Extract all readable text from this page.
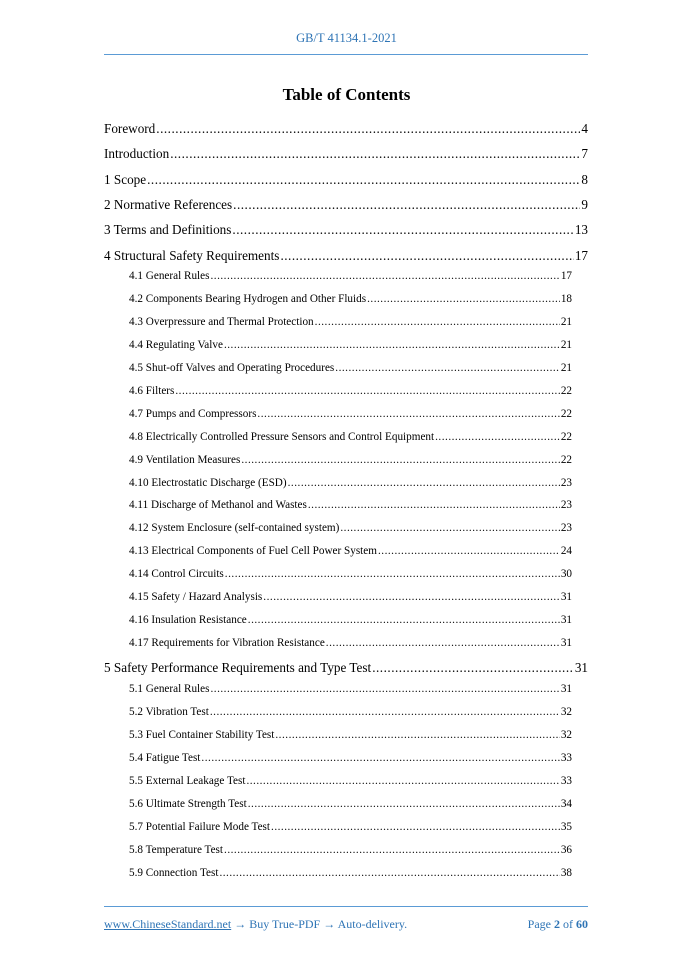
GB/T 41134.1-2021
Table of Contents
Foreword .....	4
Introduction .....	7
1 Scope .....	8
2 Normative References .....	9
3 Terms and Definitions .....	13
4 Structural Safety Requirements .....	17
4.1 General Rules .....	17
4.2 Components Bearing Hydrogen and Other Fluids .....	18
4.3 Overpressure and Thermal Protection .....	21
4.4 Regulating Valve .....	21
4.5 Shut-off Valves and Operating Procedures .....	21
4.6 Filters .....	22
4.7 Pumps and Compressors .....	22
4.8 Electrically Controlled Pressure Sensors and Control Equipment .....	22
4.9 Ventilation Measures .....	22
4.10 Electrostatic Discharge (ESD) .....	23
4.11 Discharge of Methanol and Wastes .....	23
4.12 System Enclosure (self-contained system) .....	23
4.13 Electrical Components of Fuel Cell Power System .....	24
4.14 Control Circuits .....	30
4.15 Safety / Hazard Analysis .....	31
4.16 Insulation Resistance .....	31
4.17 Requirements for Vibration Resistance .....	31
5 Safety Performance Requirements and Type Test .....	31
5.1 General Rules .....	31
5.2 Vibration Test .....	32
5.3 Fuel Container Stability Test .....	32
5.4 Fatigue Test .....	33
5.5 External Leakage Test .....	33
5.6 Ultimate Strength Test .....	34
5.7 Potential Failure Mode Test .....	35
5.8 Temperature Test .....	36
5.9 Connection Test .....	38
www.ChineseStandard.net → Buy True-PDF → Auto-delivery.	Page 2 of 60
